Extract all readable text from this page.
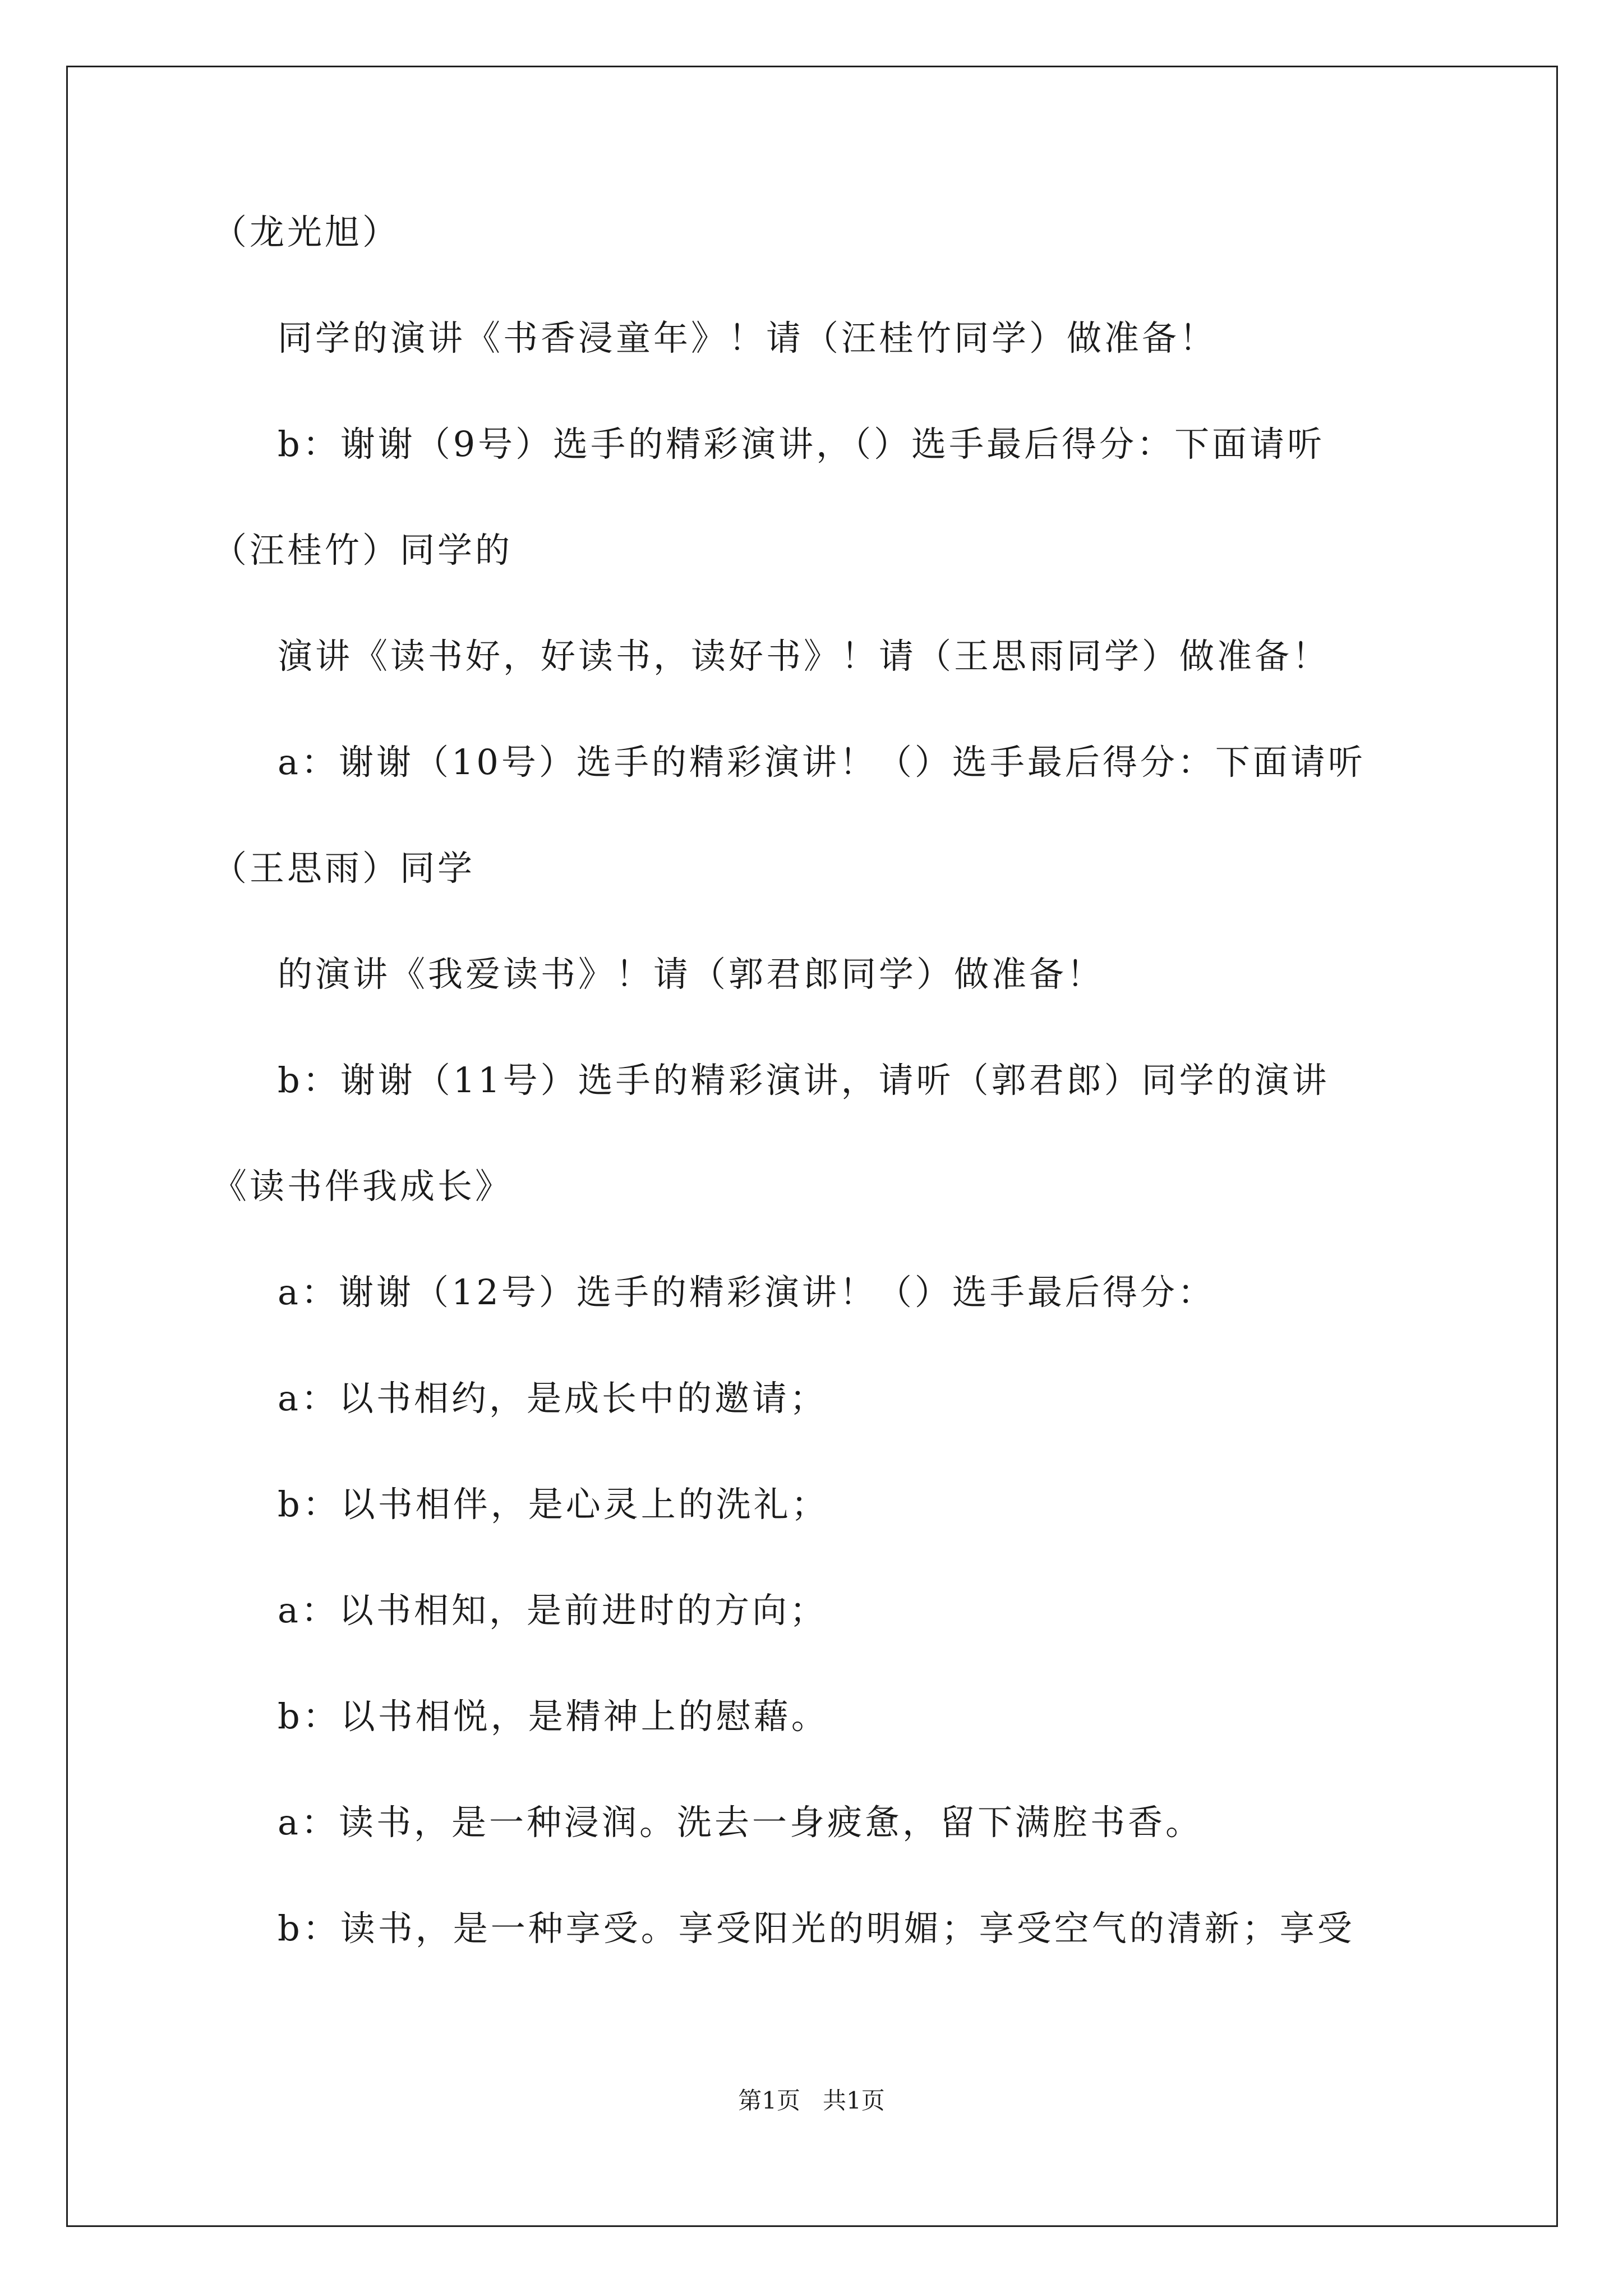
（龙光旭）
同学的演讲《书香浸童年》！请（汪桂竹同学）做准备！
b：谢谢（9号）选手的精彩演讲，（）选手最后得分：下面请听
（汪桂竹）同学的
演讲《读书好，好读书，读好书》！请（王思雨同学）做准备！
a：谢谢（10号）选手的精彩演讲！（）选手最后得分：下面请听
（王思雨）同学
的演讲《我爱读书》！请（郭君郎同学）做准备！
b：谢谢（11号）选手的精彩演讲，请听（郭君郎）同学的演讲
《读书伴我成长》
a：谢谢（12号）选手的精彩演讲！（）选手最后得分：
a：以书相约，是成长中的邀请；
b：以书相伴，是心灵上的洗礼；
a：以书相知，是前进时的方向；
b：以书相悦，是精神上的慰藉。
a：读书，是一种浸润。洗去一身疲惫，留下满腔书香。
b：读书，是一种享受。享受阳光的明媚；享受空气的清新；享受
第1页   共1页
